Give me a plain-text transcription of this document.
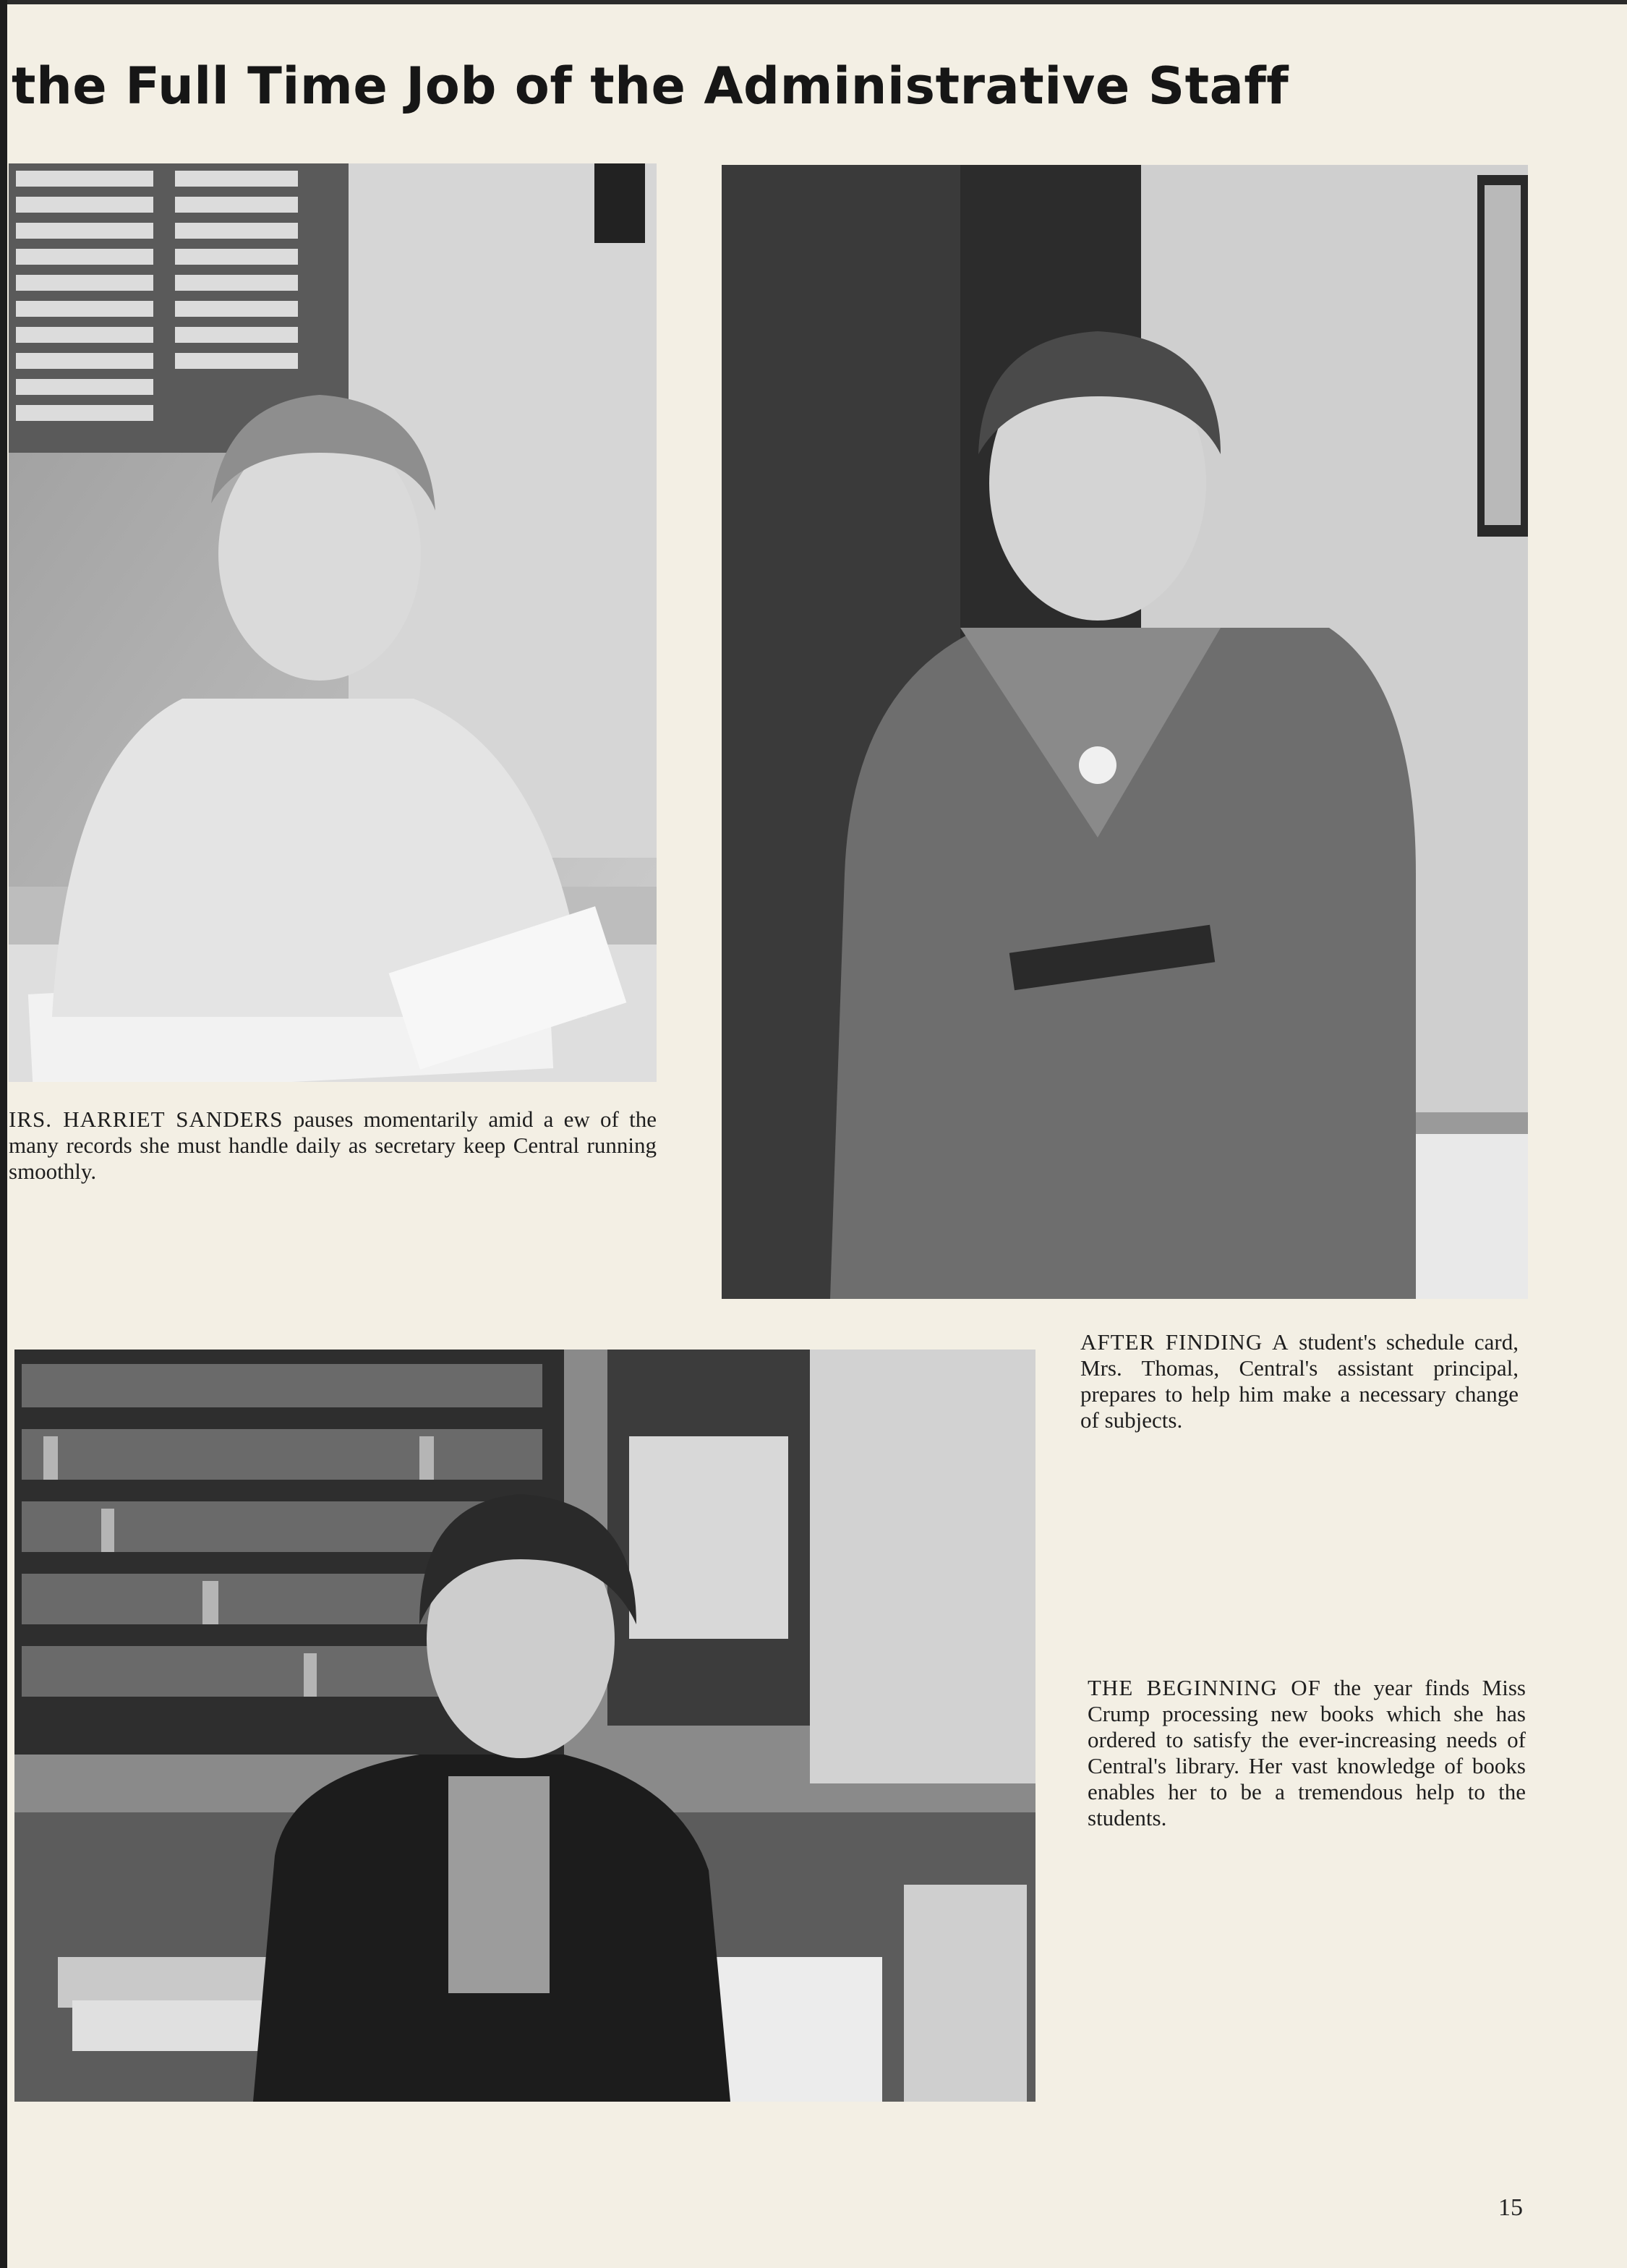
the Full Time Job of the Administrative Staff

IRS. HARRIET SANDERS pauses momentarily amid a ew of the many records she must handle daily as secretary keep Central running smoothly.

AFTER FINDING A student's schedule card, Mrs. Thomas, Central's assistant principal, prepares to help him make a necessary change of subjects.

THE BEGINNING OF the year finds Miss Crump processing new books which she has ordered to satisfy the ever-increasing needs of Central's library. Her vast knowledge of books enables her to be a tremendous help to the students.

15
